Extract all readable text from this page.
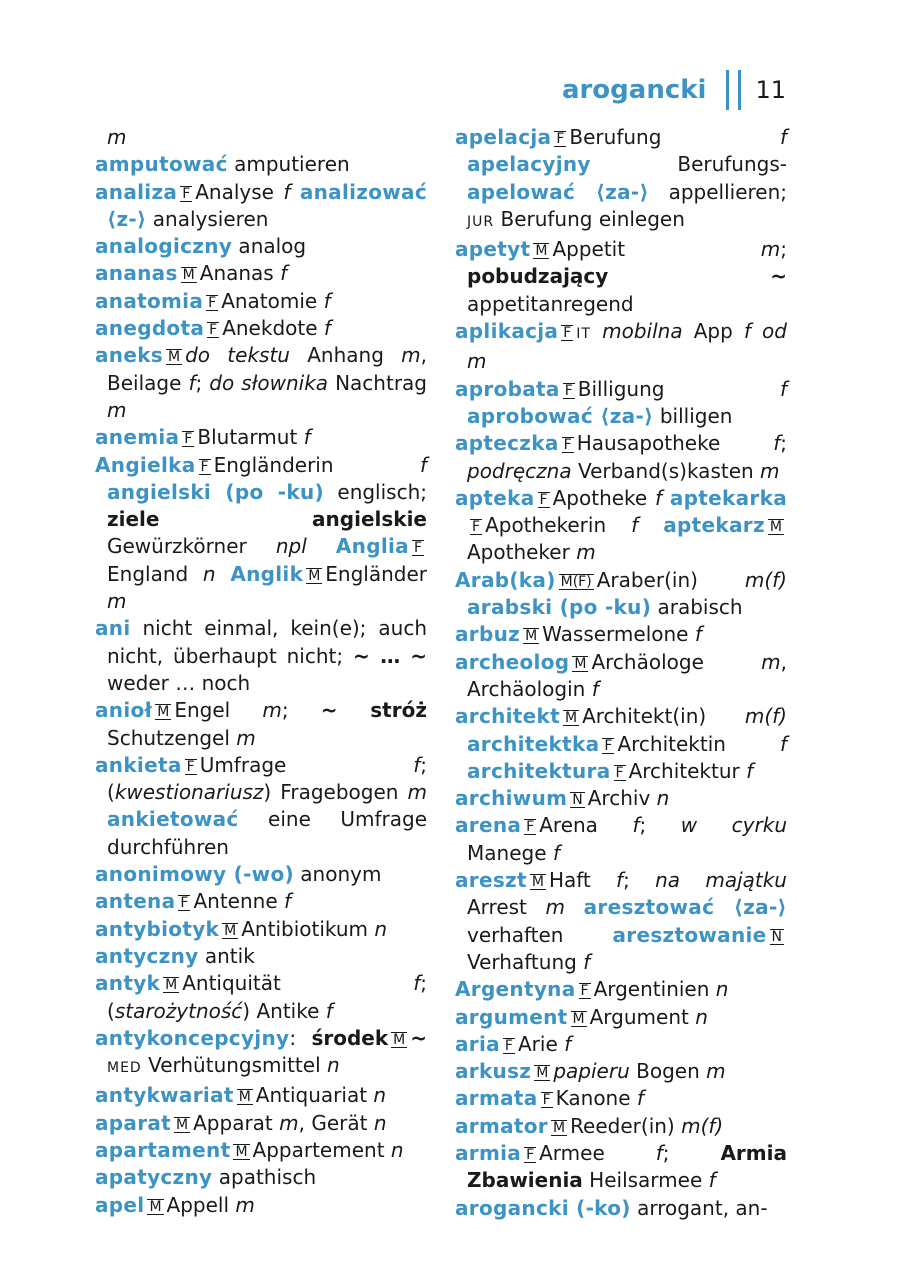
arogancki 11
m
amputować amputieren
analiza F Analyse f analizować ⟨z-⟩ analysieren
analogiczny analog
ananas M Ananas f
anatomia F Anatomie f
anegdota F Anekdote f
aneks M do tekstu Anhang m, Beilage f; do słownika Nachtrag m
anemia F Blutarmut f
Angielka F Engländerin f angielski (po -ku) englisch; ziele angielskie Gewürzkörner npl Anglia FEngland n Anglik M Engländer m
ani nicht einmal, kein(e); auch nicht, überhaupt nicht; ~ … ~ weder … noch
anioł M Engel m; ~ stróż Schutzengel m
ankieta F Umfrage f; (kwestionariusz) Fragebogen m ankietować eine Umfrage durchführen
anonimowy (-wo) anonym
antena F Antenne f
antybiotyk M Antibiotikum n
antyczny antik
antyk M Antiquität f; (starożytność) Antike f
antykoncepcyjny: środek M ~ MED Verhütungsmittel n
antykwariat M Antiquariat n
aparat M Apparat m, Gerät n
apartament M Appartement n
apatyczny apathisch
apel M Appell m
apelacja F Berufung f apelacyjny Berufungs- apelować ⟨za-⟩ appellieren; JUR Berufung einlegen
apetyt M Appetit m; pobudzający ~ appetitanregend
aplikacja F IT mobilna App f od m
aprobata F Billigung f aprobować ⟨za-⟩ billigen
apteczka F Hausapotheke f; podręczna Verband(s)kasten m
apteka F Apotheke f aptekarkaF Apothekerin f aptekarz MApotheker m
Arab(ka) M(F) Araber(in) m(f) arabski (po -ku) arabisch
arbuz M Wassermelone f
archeolog M Archäologe m, Archäologin f
architekt M Architekt(in) m(f) architektka F Architektin f architektura F Architektur f
archiwum N Archiv n
arena F Arena f; w cyrku Manege f
areszt M Haft f; na majątku Arrest m aresztować ⟨za-⟩ verhaften aresztowanie NVerhaftung f
Argentyna F Argentinien n
argument M Argument n
aria F Arie f
arkusz M papieru Bogen m
armata F Kanone f
armator M Reeder(in) m(f)
armia F Armee f; Armia Zbawienia Heilsarmee f
arogancki (-ko) arrogant, an-
